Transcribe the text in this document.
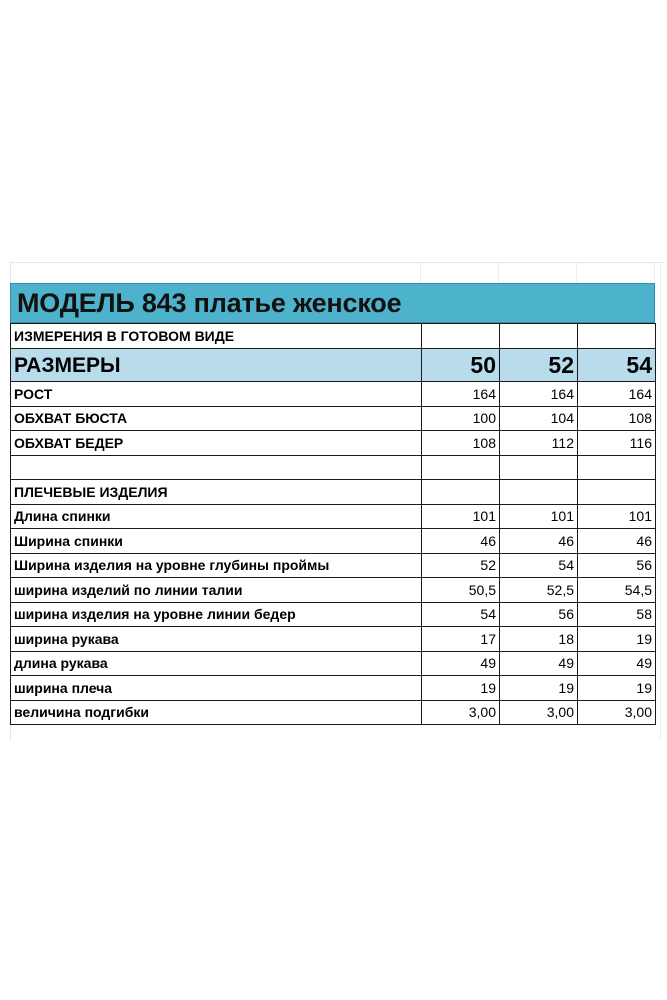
МОДЕЛЬ 843 платье женское
ИЗМЕРЕНИЯ В ГОТОВОМ ВИДЕ			
РАЗМЕРЫ	50	52	54
РОСТ	164	164	164
ОБХВАТ БЮСТА	100	104	108
ОБХВАТ БЕДЕР	108	112	116

ПЛЕЧЕВЫЕ ИЗДЕЛИЯ			
Длина спинки	101	101	101
Ширина спинки	46	46	46
Ширина изделия на уровне глубины проймы	52	54	56
ширина изделий по линии талии	50,5	52,5	54,5
ширина изделия на уровне линии бедер	54	56	58
ширина рукава	17	18	19
длина рукава	49	49	49
ширина плеча	19	19	19
величина подгибки	3,00	3,00	3,00
